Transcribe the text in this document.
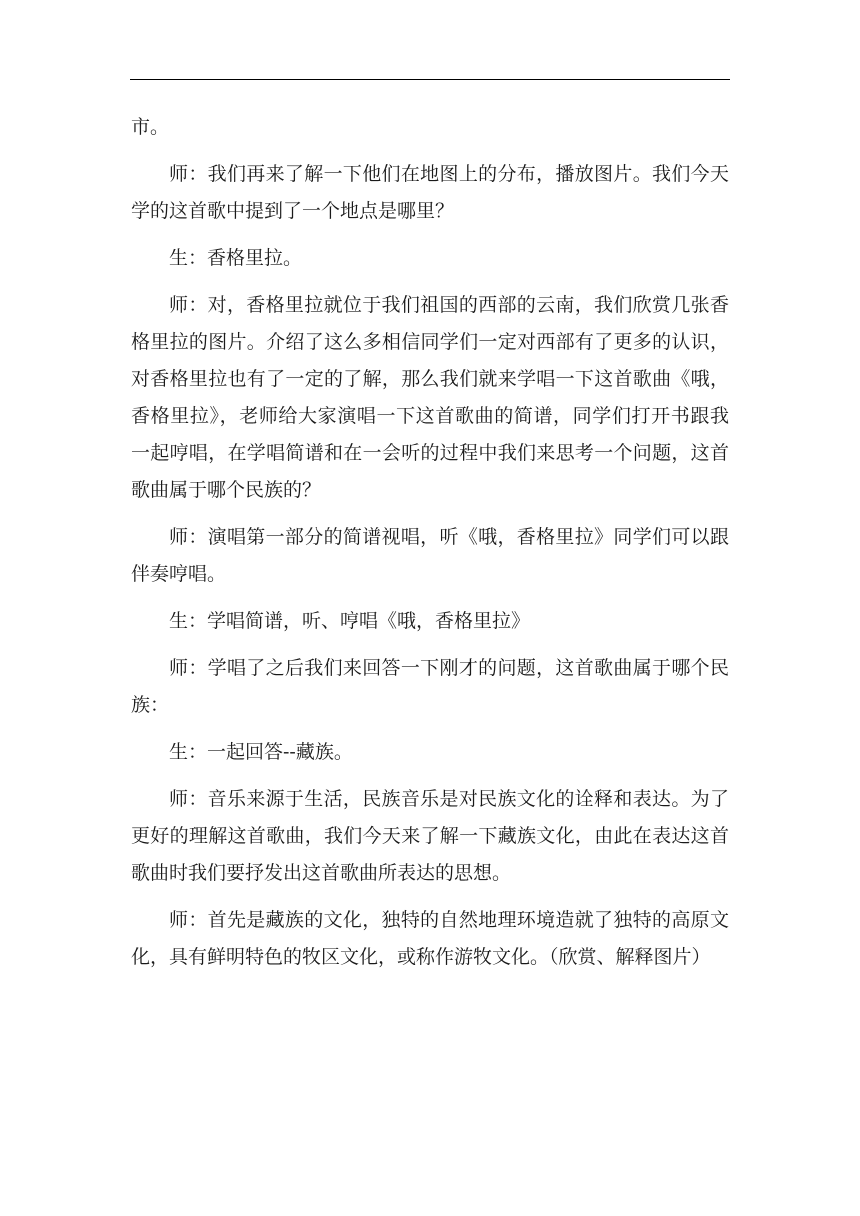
市。

师：我们再来了解一下他们在地图上的分布，播放图片。我们今天学的这首歌中提到了一个地点是哪里？

生：香格里拉。

师：对，香格里拉就位于我们祖国的西部的云南，我们欣赏几张香格里拉的图片。介绍了这么多相信同学们一定对西部有了更多的认识，对香格里拉也有了一定的了解，那么我们就来学唱一下这首歌曲《哦，香格里拉》，老师给大家演唱一下这首歌曲的简谱，同学们打开书跟我一起哼唱，在学唱简谱和在一会听的过程中我们来思考一个问题，这首歌曲属于哪个民族的？

师：演唱第一部分的简谱视唱，听《哦，香格里拉》同学们可以跟伴奏哼唱。

生：学唱简谱，听、哼唱《哦，香格里拉》

师：学唱了之后我们来回答一下刚才的问题，这首歌曲属于哪个民族：

生：一起回答--藏族。

师：音乐来源于生活，民族音乐是对民族文化的诠释和表达。为了更好的理解这首歌曲，我们今天来了解一下藏族文化，由此在表达这首歌曲时我们要抒发出这首歌曲所表达的思想。

师：首先是藏族的文化，独特的自然地理环境造就了独特的高原文化，具有鲜明特色的牧区文化，或称作游牧文化。（欣赏、解释图片）
